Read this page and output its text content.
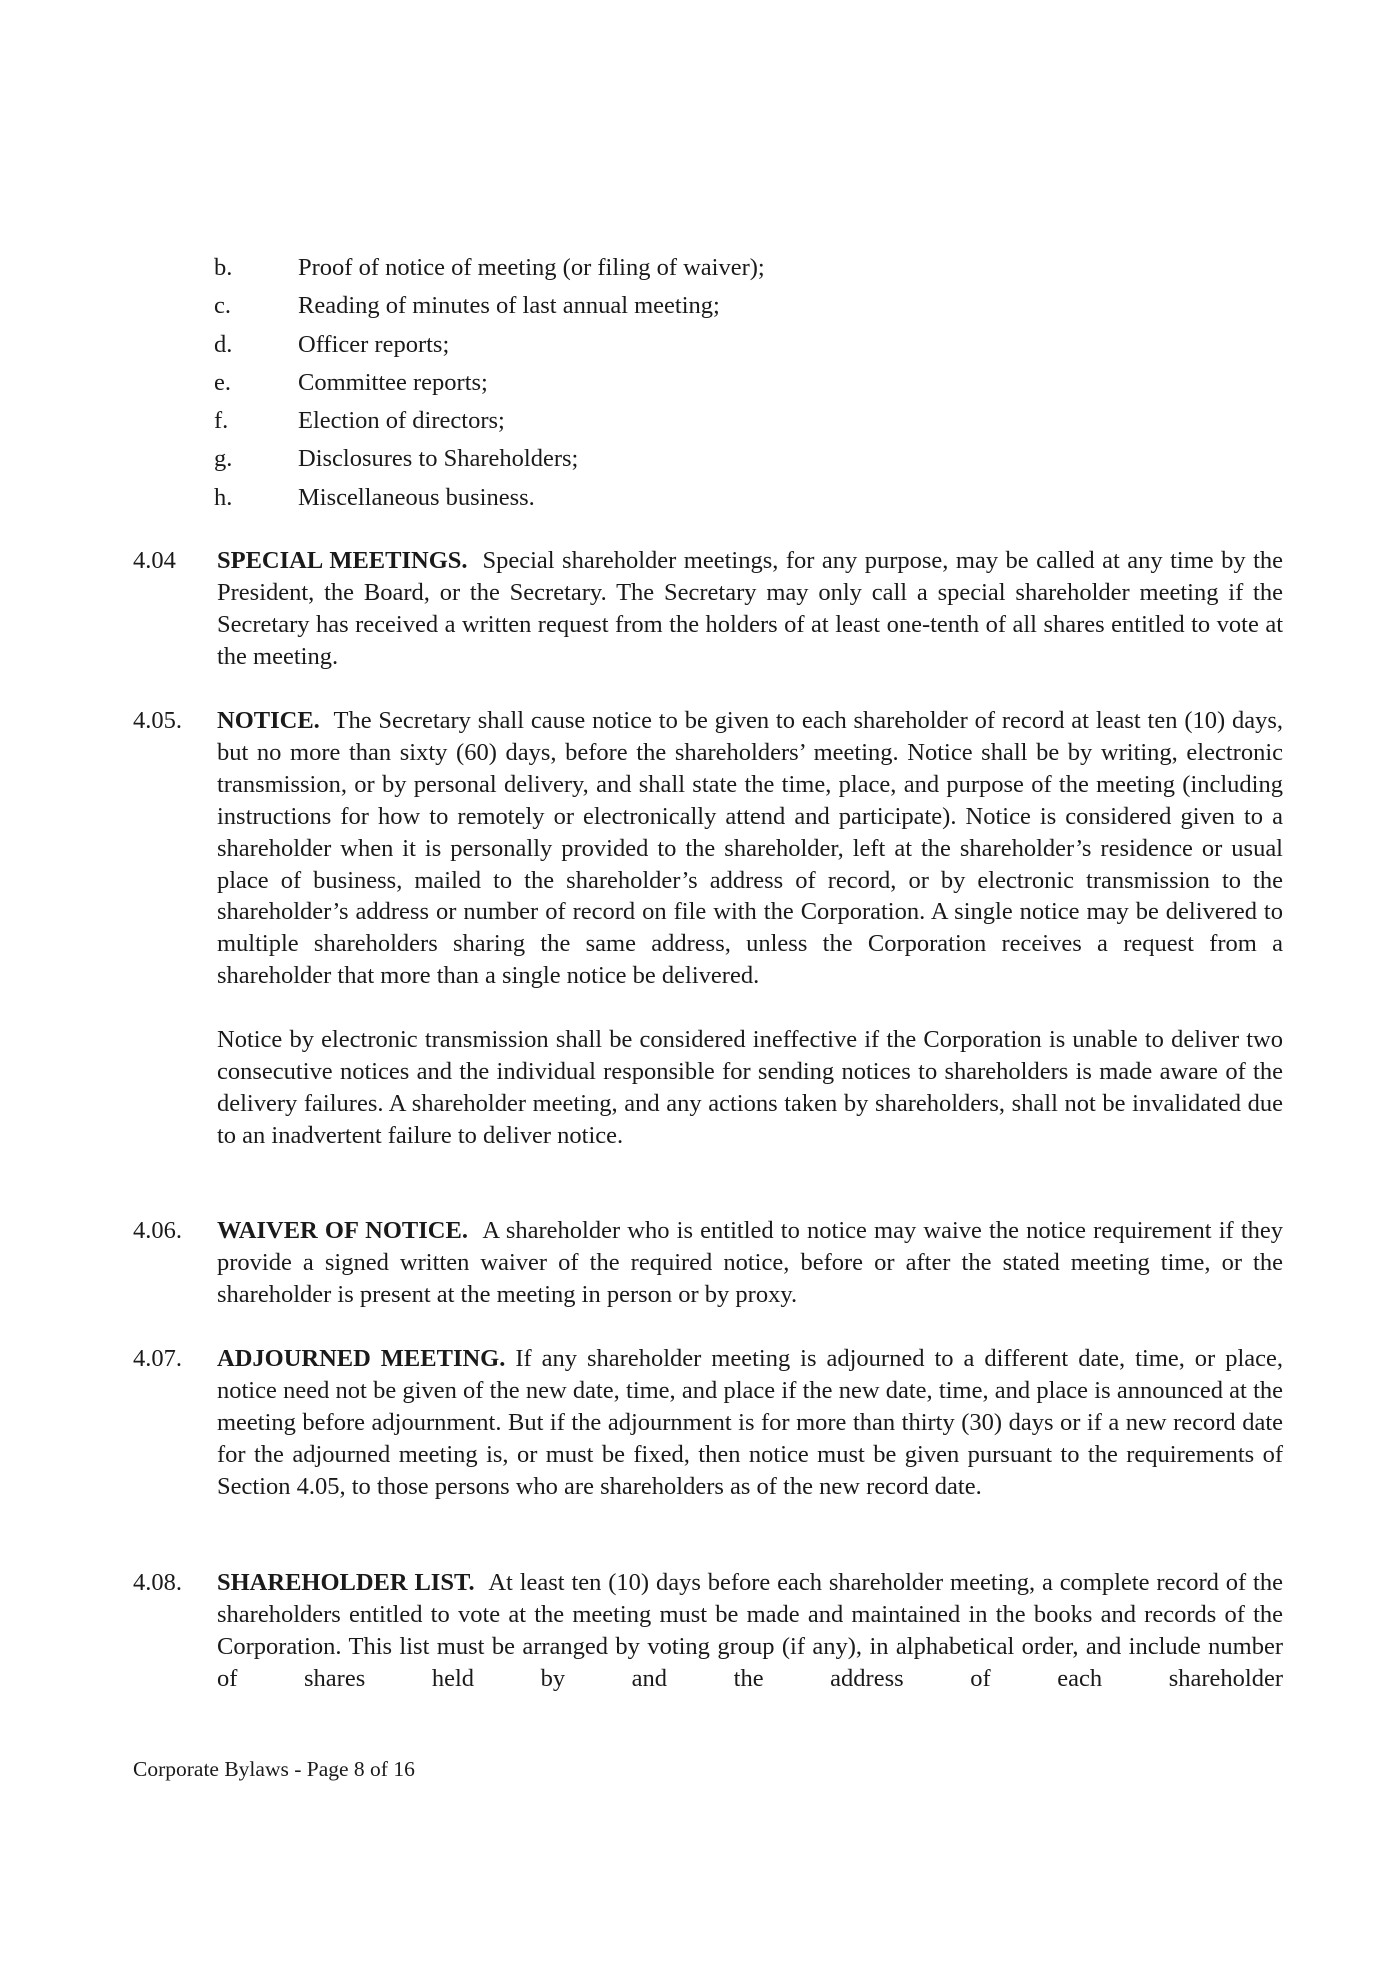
b.	Proof of notice of meeting (or filing of waiver);
c.	Reading of minutes of last annual meeting;
d.	Officer reports;
e.	Committee reports;
f.	Election of directors;
g.	Disclosures to Shareholders;
h.	Miscellaneous business.
4.04 SPECIAL MEETINGS. Special shareholder meetings, for any purpose, may be called at any time by the President, the Board, or the Secretary. The Secretary may only call a special shareholder meeting if the Secretary has received a written request from the holders of at least one-tenth of all shares entitled to vote at the meeting.

4.05. NOTICE. The Secretary shall cause notice to be given to each shareholder of record at least ten (10) days, but no more than sixty (60) days, before the shareholders’ meeting. Notice shall be by writing, electronic transmission, or by personal delivery, and shall state the time, place, and purpose of the meeting (including instructions for how to remotely or electronically attend and participate). Notice is considered given to a shareholder when it is personally provided to the shareholder, left at the shareholder’s residence or usual place of business, mailed to the shareholder’s address of record, or by electronic transmission to the shareholder’s address or number of record on file with the Corporation. A single notice may be delivered to multiple shareholders sharing the same address, unless the Corporation receives a request from a shareholder that more than a single notice be delivered.

Notice by electronic transmission shall be considered ineffective if the Corporation is unable to deliver two consecutive notices and the individual responsible for sending notices to shareholders is made aware of the delivery failures. A shareholder meeting, and any actions taken by shareholders, shall not be invalidated due to an inadvertent failure to deliver notice.

4.06. WAIVER OF NOTICE. A shareholder who is entitled to notice may waive the notice requirement if they provide a signed written waiver of the required notice, before or after the stated meeting time, or the shareholder is present at the meeting in person or by proxy.

4.07. ADJOURNED MEETING. If any shareholder meeting is adjourned to a different date, time, or place, notice need not be given of the new date, time, and place if the new date, time, and place is announced at the meeting before adjournment. But if the adjournment is for more than thirty (30) days or if a new record date for the adjourned meeting is, or must be fixed, then notice must be given pursuant to the requirements of Section 4.05, to those persons who are shareholders as of the new record date.

4.08. SHAREHOLDER LIST. At least ten (10) days before each shareholder meeting, a complete record of the shareholders entitled to vote at the meeting must be made and maintained in the books and records of the Corporation. This list must be arranged by voting group (if any), in alphabetical order, and include number of shares held by and the address of each shareholder

Corporate Bylaws - Page 8 of 16
